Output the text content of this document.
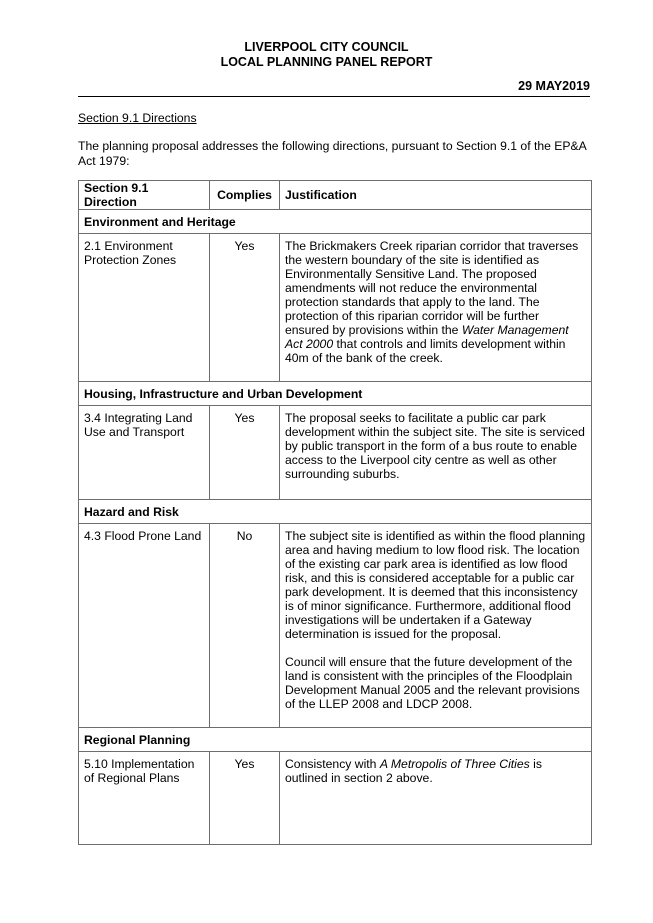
LIVERPOOL CITY COUNCIL
LOCAL PLANNING PANEL REPORT
29 MAY2019
Section 9.1 Directions
The planning proposal addresses the following directions, pursuant to Section 9.1 of the EP&A Act 1979:
Section 9.1 Direction	Complies	Justification
Environment and Heritage		
2.1 Environment Protection Zones	Yes	The Brickmakers Creek riparian corridor that traverses the western boundary of the site is identified as Environmentally Sensitive Land. The proposed amendments will not reduce the environmental protection standards that apply to the land. The protection of this riparian corridor will be further ensured by provisions within the Water Management Act 2000 that controls and limits development within 40m of the bank of the creek.
Housing, Infrastructure and Urban Development		
3.4 Integrating Land Use and Transport	Yes	The proposal seeks to facilitate a public car park development within the subject site. The site is serviced by public transport in the form of a bus route to enable access to the Liverpool city centre as well as other surrounding suburbs.
Hazard and Risk		
4.3 Flood Prone Land	No	The subject site is identified as within the flood planning area and having medium to low flood risk. The location of the existing car park area is identified as low flood risk, and this is considered acceptable for a public car park development. It is deemed that this inconsistency is of minor significance. Furthermore, additional flood investigations will be undertaken if a Gateway determination is issued for the proposal.
Council will ensure that the future development of the land is consistent with the principles of the Floodplain Development Manual 2005 and the relevant provisions of the LLEP 2008 and LDCP 2008.

Regional Planning		
5.10 Implementation of Regional Plans	Yes	Consistency with A Metropolis of Three Cities is outlined in section 2 above.
